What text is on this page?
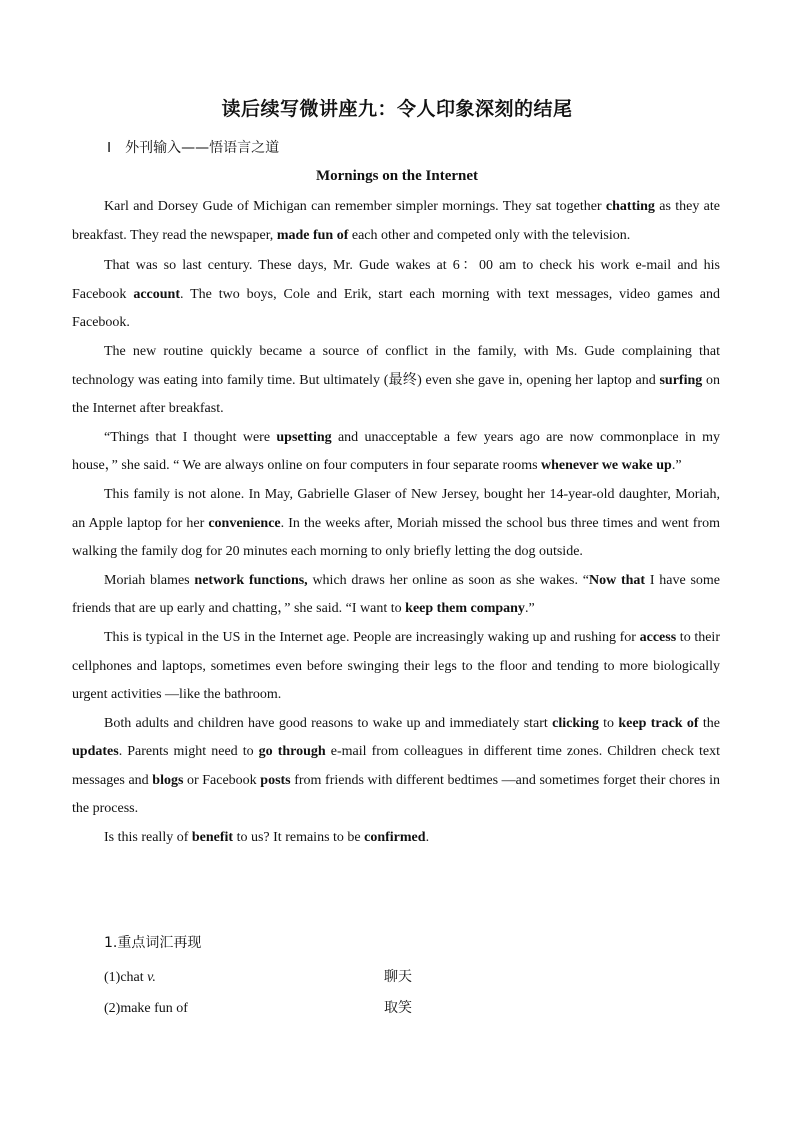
读后续写微讲座九：令人印象深刻的结尾
Ⅰ 外刊输入——悟语言之道
Mornings on the Internet

Karl and Dorsey Gude of Michigan can remember simpler mornings. They sat together chatting as they ate breakfast. They read the newspaper, made fun of each other and competed only with the television.

That was so last century. These days, Mr. Gude wakes at 6：00 am to check his work e-mail and his Facebook account. The two boys, Cole and Erik, start each morning with text messages, video games and Facebook.

The new routine quickly became a source of conflict in the family, with Ms. Gude complaining that technology was eating into family time. But ultimately (最终) even she gave in, opening her laptop and surfing on the Internet after breakfast.

“Things that I thought were upsetting and unacceptable a few years ago are now commonplace in my house，” she said. “ We are always online on four computers in four separate rooms whenever we wake up.”

This family is not alone. In May, Gabrielle Glaser of New Jersey, bought her 14-year-old daughter, Moriah, an Apple laptop for her convenience. In the weeks after, Moriah missed the school bus three times and went from walking the family dog for 20 minutes each morning to only briefly letting the dog outside.

Moriah blames network functions, which draws her online as soon as she wakes. “Now that I have some friends that are up early and chatting，” she said. “I want to keep them company.”

This is typical in the US in the Internet age. People are increasingly waking up and rushing for access to their cellphones and laptops, sometimes even before swinging their legs to the floor and tending to more biologically urgent activities —like the bathroom.

Both adults and children have good reasons to wake up and immediately start clicking to keep track of the updates. Parents might need to go through e-mail from colleagues in different time zones. Children check text messages and blogs or Facebook posts from friends with different bedtimes —and sometimes forget their chores in the process.

Is this really of benefit to us? It remains to be confirmed.

1.重点词汇再现
(1)chat v.	聊天
(2)make fun of	取笑
